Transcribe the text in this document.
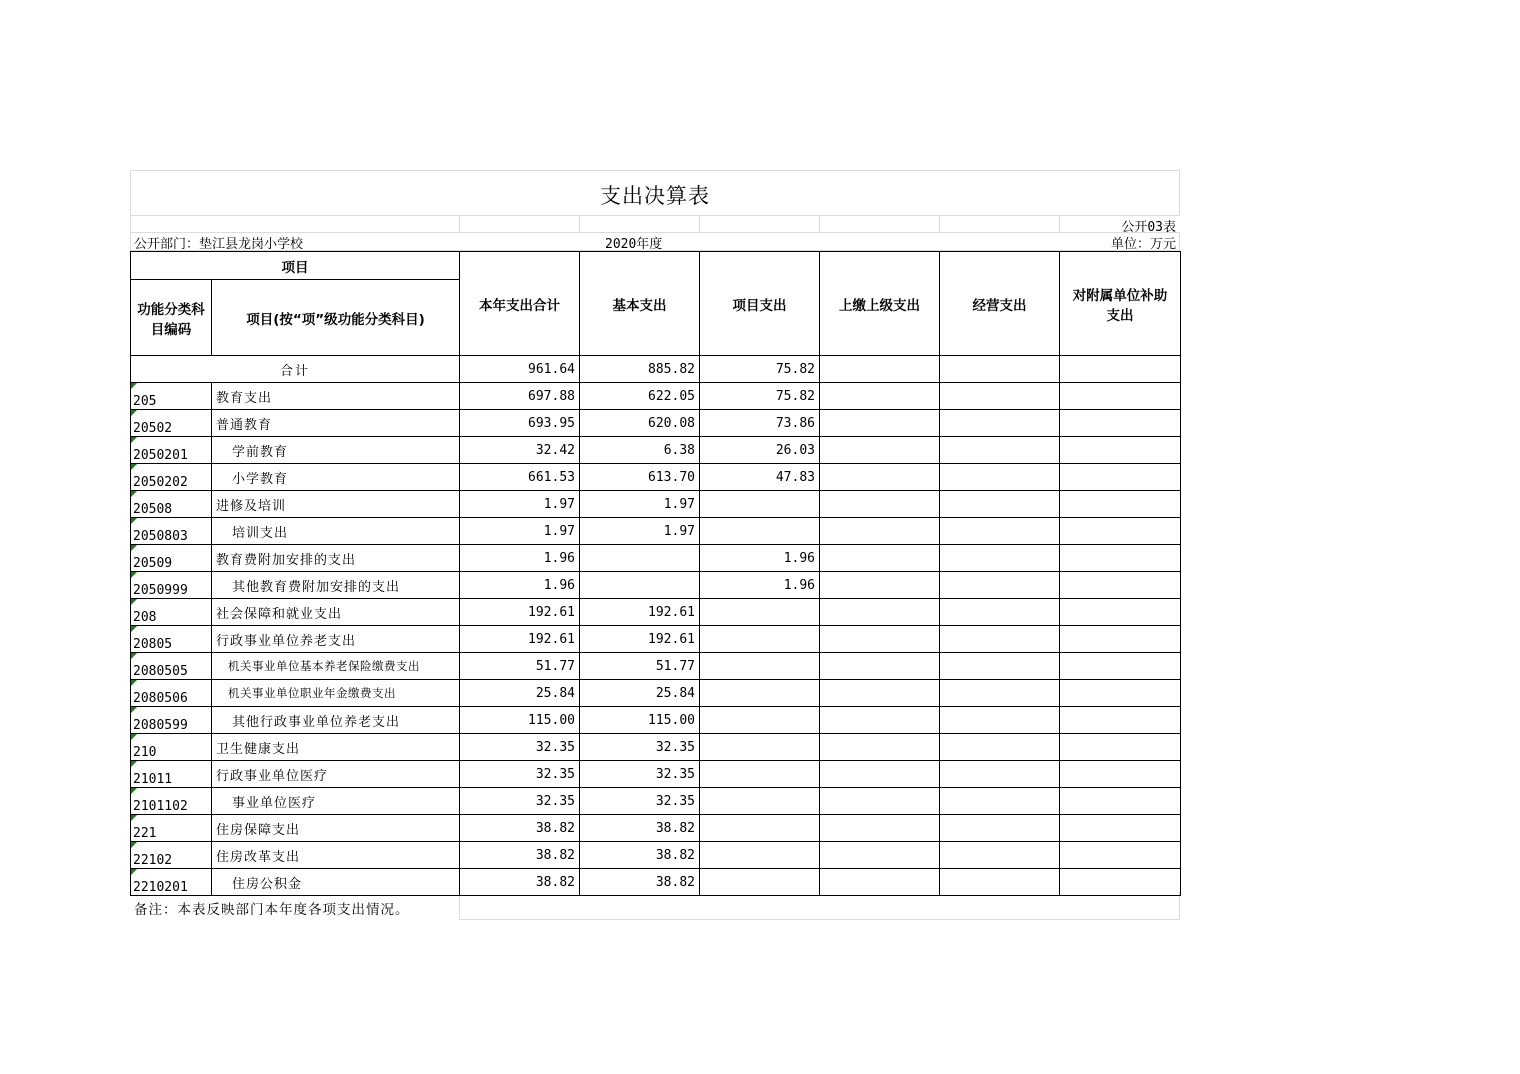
支出决算表
公开03表
公开部门：垫江县龙岗小学校	2020年度	单位：万元
项目		本年支出合计	基本支出	项目支出	上缴上级支出	经营支出	对附属单位补助支出
功能分类科目编码	项目(按“项”级功能分类科目)						
合计		961.64	885.82	75.82			
205	教育支出	697.88	622.05	75.82			
20502	普通教育	693.95	620.08	73.86			
2050201	学前教育	32.42	6.38	26.03			
2050202	小学教育	661.53	613.70	47.83			
20508	进修及培训	1.97	1.97				
2050803	培训支出	1.97	1.97				
20509	教育费附加安排的支出	1.96		1.96			
2050999	其他教育费附加安排的支出	1.96		1.96			
208	社会保障和就业支出	192.61	192.61				
20805	行政事业单位养老支出	192.61	192.61				
2080505	机关事业单位基本养老保险缴费支出	51.77	51.77				
2080506	机关事业单位职业年金缴费支出	25.84	25.84				
2080599	其他行政事业单位养老支出	115.00	115.00				
210	卫生健康支出	32.35	32.35				
21011	行政事业单位医疗	32.35	32.35				
2101102	事业单位医疗	32.35	32.35				
221	住房保障支出	38.82	38.82				
22102	住房改革支出	38.82	38.82				
2210201	住房公积金	38.82	38.82				
备注：本表反映部门本年度各项支出情况。
